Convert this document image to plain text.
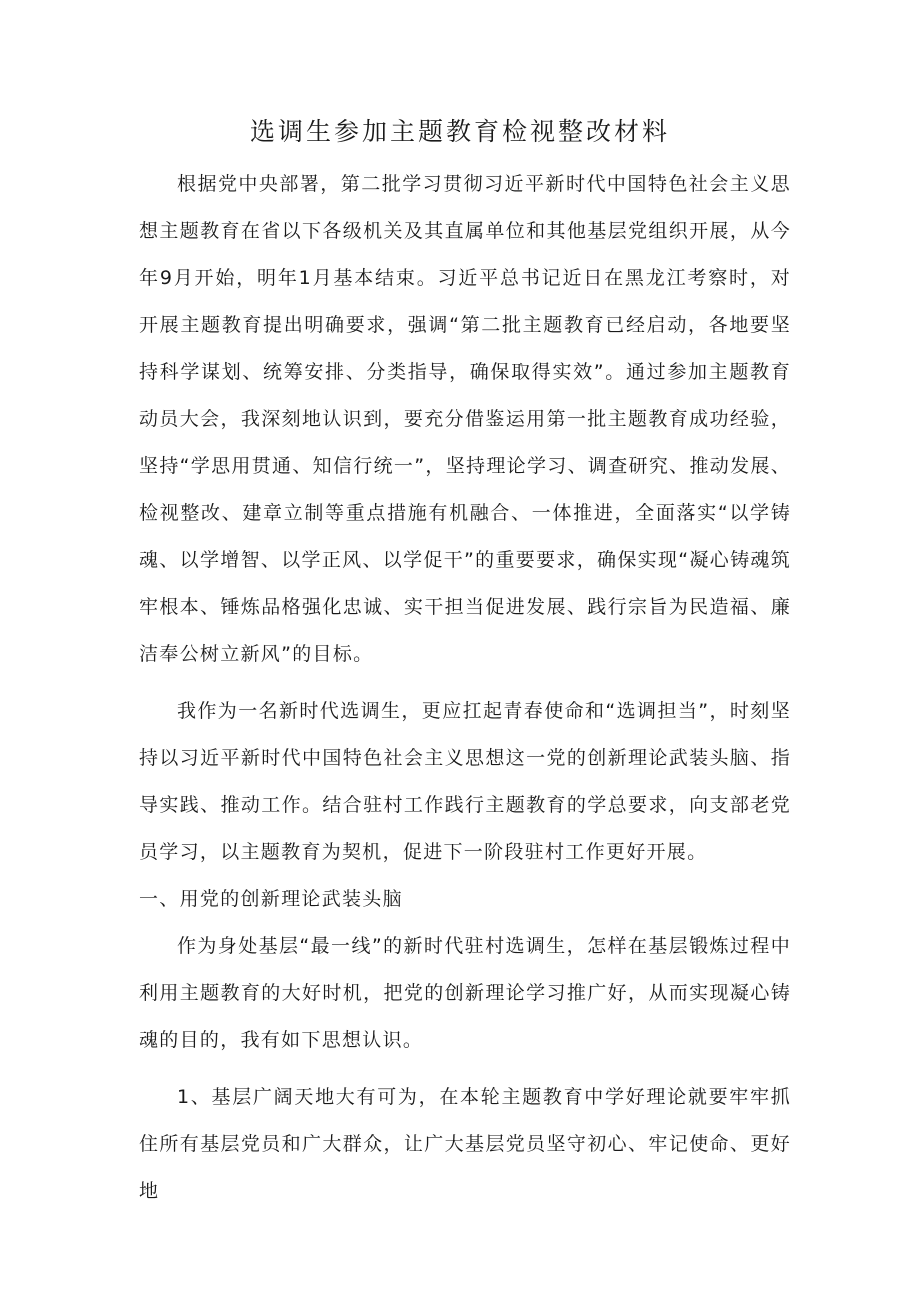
选调生参加主题教育检视整改材料

根据党中央部署，第二批学习贯彻习近平新时代中国特色社会主义思想主题教育在省以下各级机关及其直属单位和其他基层党组织开展，从今年9月开始，明年1月基本结束。习近平总书记近日在黑龙江考察时，对开展主题教育提出明确要求，强调“第二批主题教育已经启动，各地要坚持科学谋划、统筹安排、分类指导，确保取得实效”。通过参加主题教育动员大会，我深刻地认识到，要充分借鉴运用第一批主题教育成功经验，坚持“学思用贯通、知信行统一”，坚持理论学习、调查研究、推动发展、检视整改、建章立制等重点措施有机融合、一体推进，全面落实“以学铸魂、以学增智、以学正风、以学促干”的重要要求，确保实现“凝心铸魂筑牢根本、锤炼品格强化忠诚、实干担当促进发展、践行宗旨为民造福、廉洁奉公树立新风”的目标。

我作为一名新时代选调生，更应扛起青春使命和“选调担当”，时刻坚持以习近平新时代中国特色社会主义思想这一党的创新理论武装头脑、指导实践、推动工作。结合驻村工作践行主题教育的学总要求，向支部老党员学习，以主题教育为契机，促进下一阶段驻村工作更好开展。

一、用党的创新理论武装头脑

作为身处基层“最一线”的新时代驻村选调生，怎样在基层锻炼过程中利用主题教育的大好时机，把党的创新理论学习推广好，从而实现凝心铸魂的目的，我有如下思想认识。

1、基层广阔天地大有可为，在本轮主题教育中学好理论就要牢牢抓住所有基层党员和广大群众，让广大基层党员坚守初心、牢记使命、更好地
